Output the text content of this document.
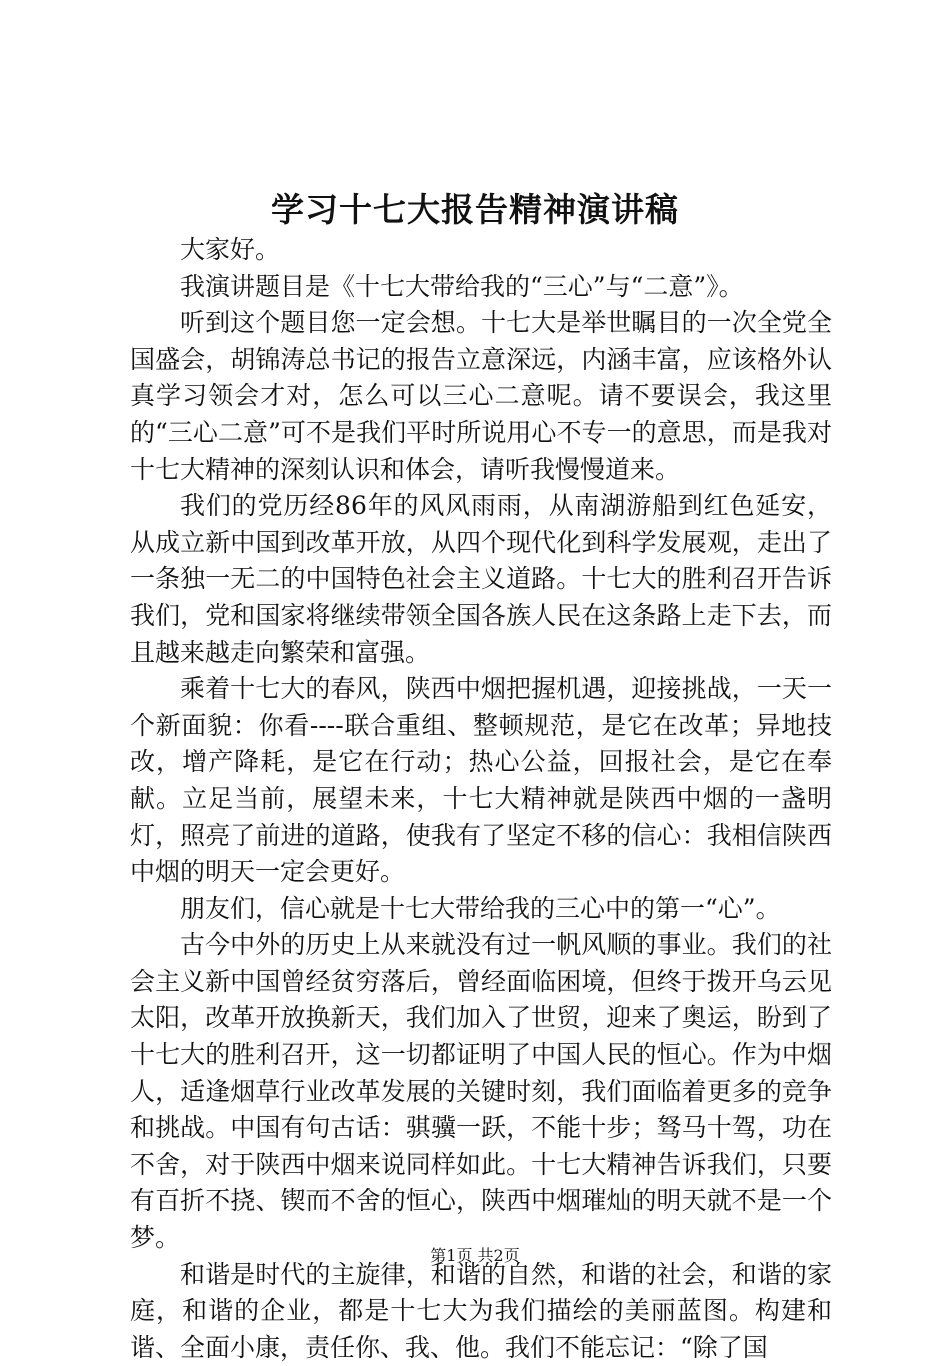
学习十七大报告精神演讲稿

大家好。

我演讲题目是《十七大带给我的“三心”与“二意”》。

听到这个题目您一定会想。十七大是举世瞩目的一次全党全国盛会，胡锦涛总书记的报告立意深远，内涵丰富，应该格外认真学习领会才对，怎么可以三心二意呢。请不要误会，我这里的“三心二意”可不是我们平时所说用心不专一的意思，而是我对十七大精神的深刻认识和体会，请听我慢慢道来。

我们的党历经86年的风风雨雨，从南湖游船到红色延安，从成立新中国到改革开放，从四个现代化到科学发展观，走出了一条独一无二的中国特色社会主义道路。十七大的胜利召开告诉我们，党和国家将继续带领全国各族人民在这条路上走下去，而且越来越走向繁荣和富强。

乘着十七大的春风，陕西中烟把握机遇，迎接挑战，一天一个新面貌：你看----联合重组、整顿规范，是它在改革；异地技改，增产降耗，是它在行动；热心公益，回报社会，是它在奉献。立足当前，展望未来，十七大精神就是陕西中烟的一盏明灯，照亮了前进的道路，使我有了坚定不移的信心：我相信陕西中烟的明天一定会更好。

朋友们，信心就是十七大带给我的三心中的第一“心”。

古今中外的历史上从来就没有过一帆风顺的事业。我们的社会主义新中国曾经贫穷落后，曾经面临困境，但终于拨开乌云见太阳，改革开放换新天，我们加入了世贸，迎来了奥运，盼到了十七大的胜利召开，这一切都证明了中国人民的恒心。作为中烟人，适逢烟草行业改革发展的关键时刻，我们面临着更多的竞争和挑战。中国有句古话：骐骥一跃，不能十步；驽马十驾，功在不舍，对于陕西中烟来说同样如此。十七大精神告诉我们，只要有百折不挠、锲而不舍的恒心，陕西中烟璀灿的明天就不是一个梦。

和谐是时代的主旋律，和谐的自然，和谐的社会，和谐的家庭，和谐的企业，都是十七大为我们描绘的美丽蓝图。构建和谐、全面小康，责任你、我、他。我们不能忘记：“除了国

第1页 共2页
